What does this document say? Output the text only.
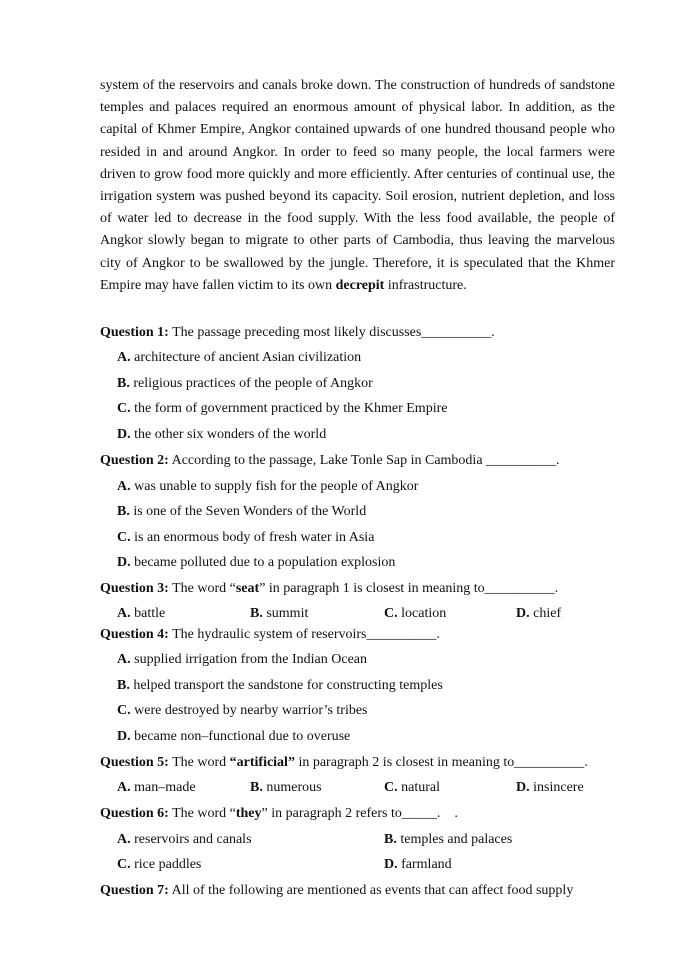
system of the reservoirs and canals broke down. The construction of hundreds of sandstone temples and palaces required an enormous amount of physical labor. In addition, as the capital of Khmer Empire, Angkor contained upwards of one hundred thousand people who resided in and around Angkor. In order to feed so many people, the local farmers were driven to grow food more quickly and more efficiently. After centuries of continual use, the irrigation system was pushed beyond its capacity. Soil erosion, nutrient depletion, and loss of water led to decrease in the food supply. With the less food available, the people of Angkor slowly began to migrate to other parts of Cambodia, thus leaving the marvelous city of Angkor to be swallowed by the jungle. Therefore, it is speculated that the Khmer Empire may have fallen victim to its own decrepit infrastructure.
Question 1: The passage preceding most likely discusses__________.
A. architecture of ancient Asian civilization
B. religious practices of the people of Angkor
C. the form of government practiced by the Khmer Empire
D. the other six wonders of the world
Question 2: According to the passage, Lake Tonle Sap in Cambodia __________.
A. was unable to supply fish for the people of Angkor
B. is one of the Seven Wonders of the World
C. is an enormous body of fresh water in Asia
D. became polluted due to a population explosion
Question 3: The word “seat” in paragraph 1 is closest in meaning to__________.
A. battle	B. summit	C. location	D. chief
Question 4: The hydraulic system of reservoirs__________.
A. supplied irrigation from the Indian Ocean
B. helped transport the sandstone for constructing temples
C. were destroyed by nearby warrior’s tribes
D. became non–functional due to overuse
Question 5: The word “artificial” in paragraph 2 is closest in meaning to__________.
A. man–made	B. numerous	C. natural	D. insincere
Question 6: The word “they” in paragraph 2 refers to_____.    .
A. reservoirs and canals	B. temples and palaces
C. rice paddles	D. farmland
Question 7: All of the following are mentioned as events that can affect food supply
